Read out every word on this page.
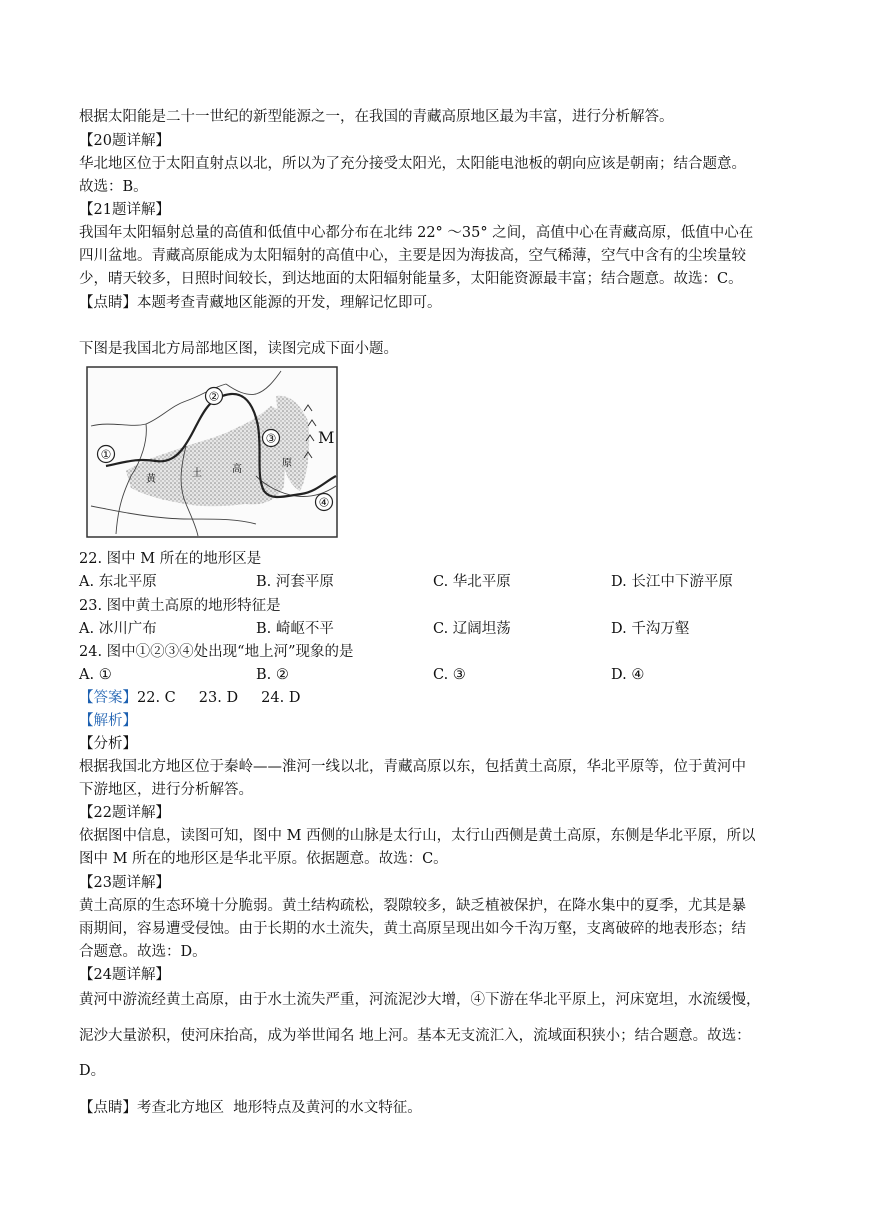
根据太阳能是二十一世纪的新型能源之一，在我国的青藏高原地区最为丰富，进行分析解答。
【20题详解】
华北地区位于太阳直射点以北，所以为了充分接受太阳光，太阳能电池板的朝向应该是朝南；结合题意。
故选：B。
【21题详解】
我国年太阳辐射总量的高值和低值中心都分布在北纬 22° ～35° 之间，高值中心在青藏高原，低值中心在
四川盆地。青藏高原能成为太阳辐射的高值中心，主要是因为海拔高，空气稀薄，空气中含有的尘埃量较
少，晴天较多，日照时间较长，到达地面的太阳辐射能量多，太阳能资源最丰富；结合题意。故选：C。
【点睛】本题考查青藏地区能源的开发，理解记忆即可。
下图是我国北方局部地区图，读图完成下面小题。
①
②
③
④
M
黄
土	高
原
22. 图中 M 所在的地形区是
A. 东北平原	B. 河套平原	C. 华北平原	D. 长江中下游平原
23. 图中黄土高原的地形特征是
A. 冰川广布	B. 崎岖不平	C. 辽阔坦荡	D. 千沟万壑
24. 图中①②③④处出现“地上河”现象的是
A. ①	B. ②	C. ③	D. ④
【答案】22. C     23. D     24. D
【解析】
【分析】
根据我国北方地区位于秦岭——淮河一线以北，青藏高原以东，包括黄土高原，华北平原等，位于黄河中
下游地区，进行分析解答。
【22题详解】
依据图中信息，读图可知，图中 M 西侧的山脉是太行山，太行山西侧是黄土高原，东侧是华北平原，所以
图中 M 所在的地形区是华北平原。依据题意。故选：C。
【23题详解】
黄土高原的生态环境十分脆弱。黄土结构疏松，裂隙较多，缺乏植被保护，在降水集中的夏季，尤其是暴
雨期间，容易遭受侵蚀。由于长期的水土流失，黄土高原呈现出如今千沟万壑，支离破碎的地表形态；结
合题意。故选：D。
【24题详解】
黄河中游流经黄土高原，由于水土流失严重，河流泥沙大增，④下游在华北平原上，河床宽坦，水流缓慢，
泥沙大量淤积，使河床抬高，成为举世闻名 地上河。基本无支流汇入，流域面积狭小；结合题意。故选：
D。
【点睛】考查北方地区  地形特点及黄河的水文特征。
